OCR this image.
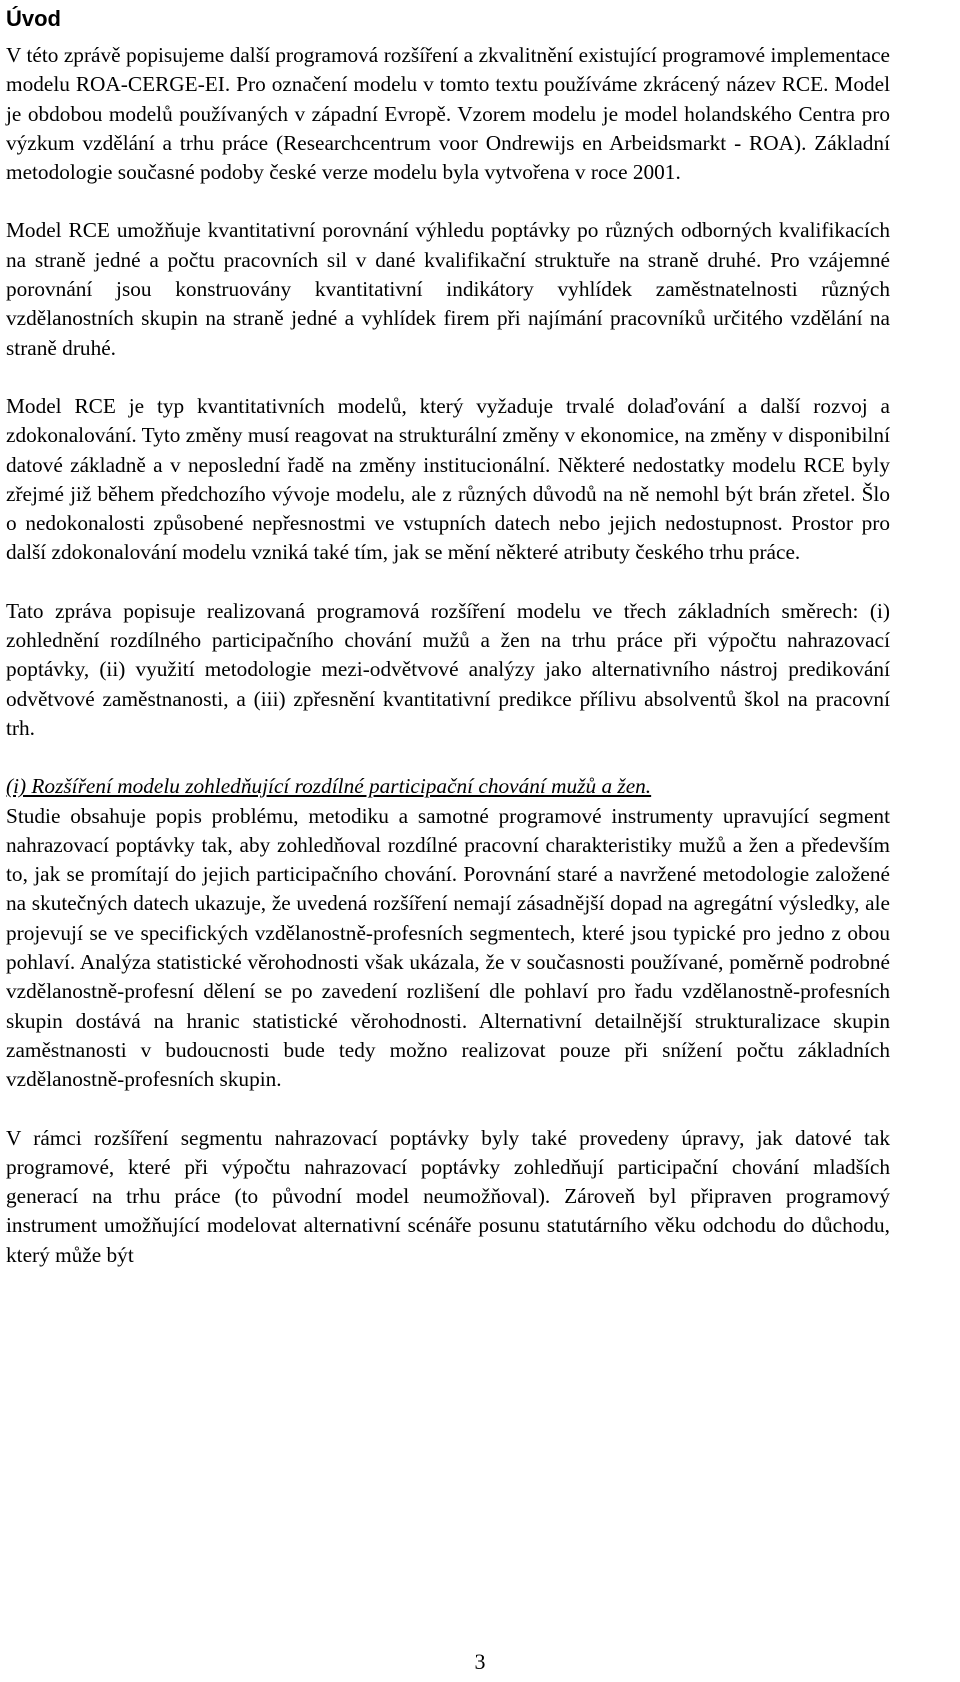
Úvod

V této zprávě popisujeme další programová rozšíření a zkvalitnění existující programové implementace modelu ROA-CERGE-EI. Pro označení modelu v tomto textu používáme zkrácený název RCE. Model je obdobou modelů používaných v západní Evropě. Vzorem modelu je model holandského Centra pro výzkum vzdělání a trhu práce (Researchcentrum voor Ondrewijs en Arbeidsmarkt - ROA). Základní metodologie současné podoby české verze modelu byla vytvořena v roce 2001.

Model RCE umožňuje kvantitativní porovnání výhledu poptávky po různých odborných kvalifikacích na straně jedné a počtu pracovních sil v dané kvalifikační struktuře na straně druhé. Pro vzájemné porovnání jsou konstruovány kvantitativní indikátory vyhlídek zaměstnatelnosti různých vzdělanostních skupin na straně jedné a vyhlídek firem při najímání pracovníků určitého vzdělání na straně druhé.

Model RCE je typ kvantitativních modelů, který vyžaduje trvalé dolaďování a další rozvoj a zdokonalování. Tyto změny musí reagovat na strukturální změny v ekonomice, na změny v disponibilní datové základně a v neposlední řadě na změny institucionální. Některé nedostatky modelu RCE byly zřejmé již během předchozího vývoje modelu, ale z různých důvodů na ně nemohl být brán zřetel. Šlo o nedokonalosti způsobené nepřesnostmi ve vstupních datech nebo jejich nedostupnost. Prostor pro další zdokonalování modelu vzniká také tím, jak se mění některé atributy českého trhu práce.

Tato zpráva popisuje realizovaná programová rozšíření modelu ve třech základních směrech: (i) zohlednění rozdílného participačního chování mužů a žen na trhu práce při výpočtu nahrazovací poptávky, (ii) využití metodologie mezi-odvětvové analýzy jako alternativního nástroj predikování odvětvové zaměstnanosti, a (iii) zpřesnění kvantitativní predikce přílivu absolventů škol na pracovní trh.

(i) Rozšíření modelu zohledňující rozdílné participační chování mužů a žen.

Studie obsahuje popis problému, metodiku a samotné programové instrumenty upravující segment nahrazovací poptávky tak, aby zohledňoval rozdílné pracovní charakteristiky mužů a žen a především to, jak se promítají do jejich participačního chování. Porovnání staré a navržené metodologie založené na skutečných datech ukazuje, že uvedená rozšíření nemají zásadnější dopad na agregátní výsledky, ale projevují se ve specifických vzdělanostně-profesních segmentech, které jsou typické pro jedno z obou pohlaví. Analýza statistické věrohodnosti však ukázala, že v současnosti používané, poměrně podrobné vzdělanostně-profesní dělení se po zavedení rozlišení dle pohlaví pro řadu vzdělanostně-profesních skupin dostává na hranic statistické věrohodnosti. Alternativní detailnější strukturalizace skupin zaměstnanosti v budoucnosti bude tedy možno realizovat pouze při snížení počtu základních vzdělanostně-profesních skupin.

V rámci rozšíření segmentu nahrazovací poptávky byly také provedeny úpravy, jak datové tak programové, které při výpočtu nahrazovací poptávky zohledňují participační chování mladších generací na trhu práce (to původní model neumožňoval). Zároveň byl připraven programový instrument umožňující modelovat alternativní scénáře posunu statutárního věku odchodu do důchodu, který může být

3
